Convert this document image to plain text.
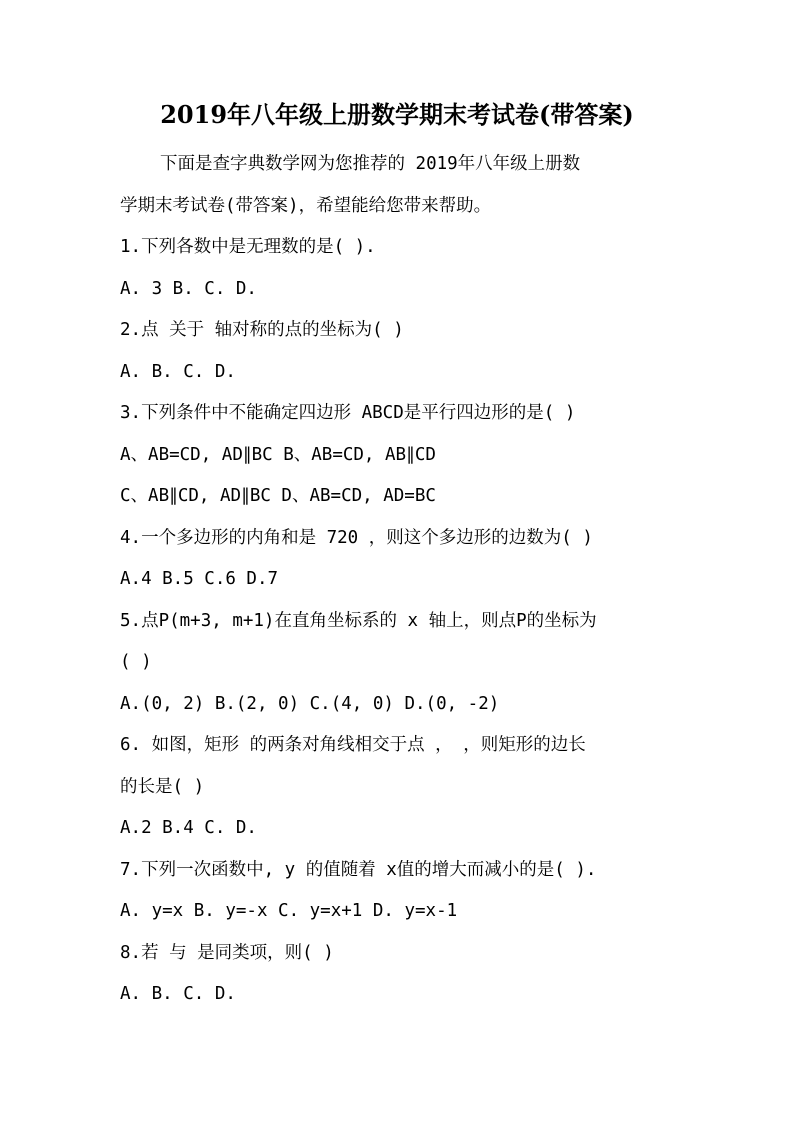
2019年八年级上册数学期末考试卷(带答案)
下面是查字典数学网为您推荐的 2019年八年级上册数
学期末考试卷(带答案)，希望能给您带来帮助。
1.下列各数中是无理数的是( ).
A. 3 B. C. D.
2.点 关于 轴对称的点的坐标为( )
A. B. C. D.
3.下列条件中不能确定四边形 ABCD是平行四边形的是( )
A、AB=CD, AD∥BC B、AB=CD, AB∥CD
C、AB∥CD, AD∥BC D、AB=CD, AD=BC
4.一个多边形的内角和是 720 ，则这个多边形的边数为( )
A.4 B.5 C.6 D.7
5.点P(m+3, m+1)在直角坐标系的 x 轴上，则点P的坐标为
( )
A.(0, 2) B.(2, 0) C.(4, 0) D.(0, -2)
6. 如图，矩形 的两条对角线相交于点 ， ，则矩形的边长
的长是( )
A.2 B.4 C. D.
7.下列一次函数中, y 的值随着 x值的增大而减小的是( ).
A. y=x B. y=-x C. y=x+1 D. y=x-1
8.若 与 是同类项，则( )
A. B. C. D.
